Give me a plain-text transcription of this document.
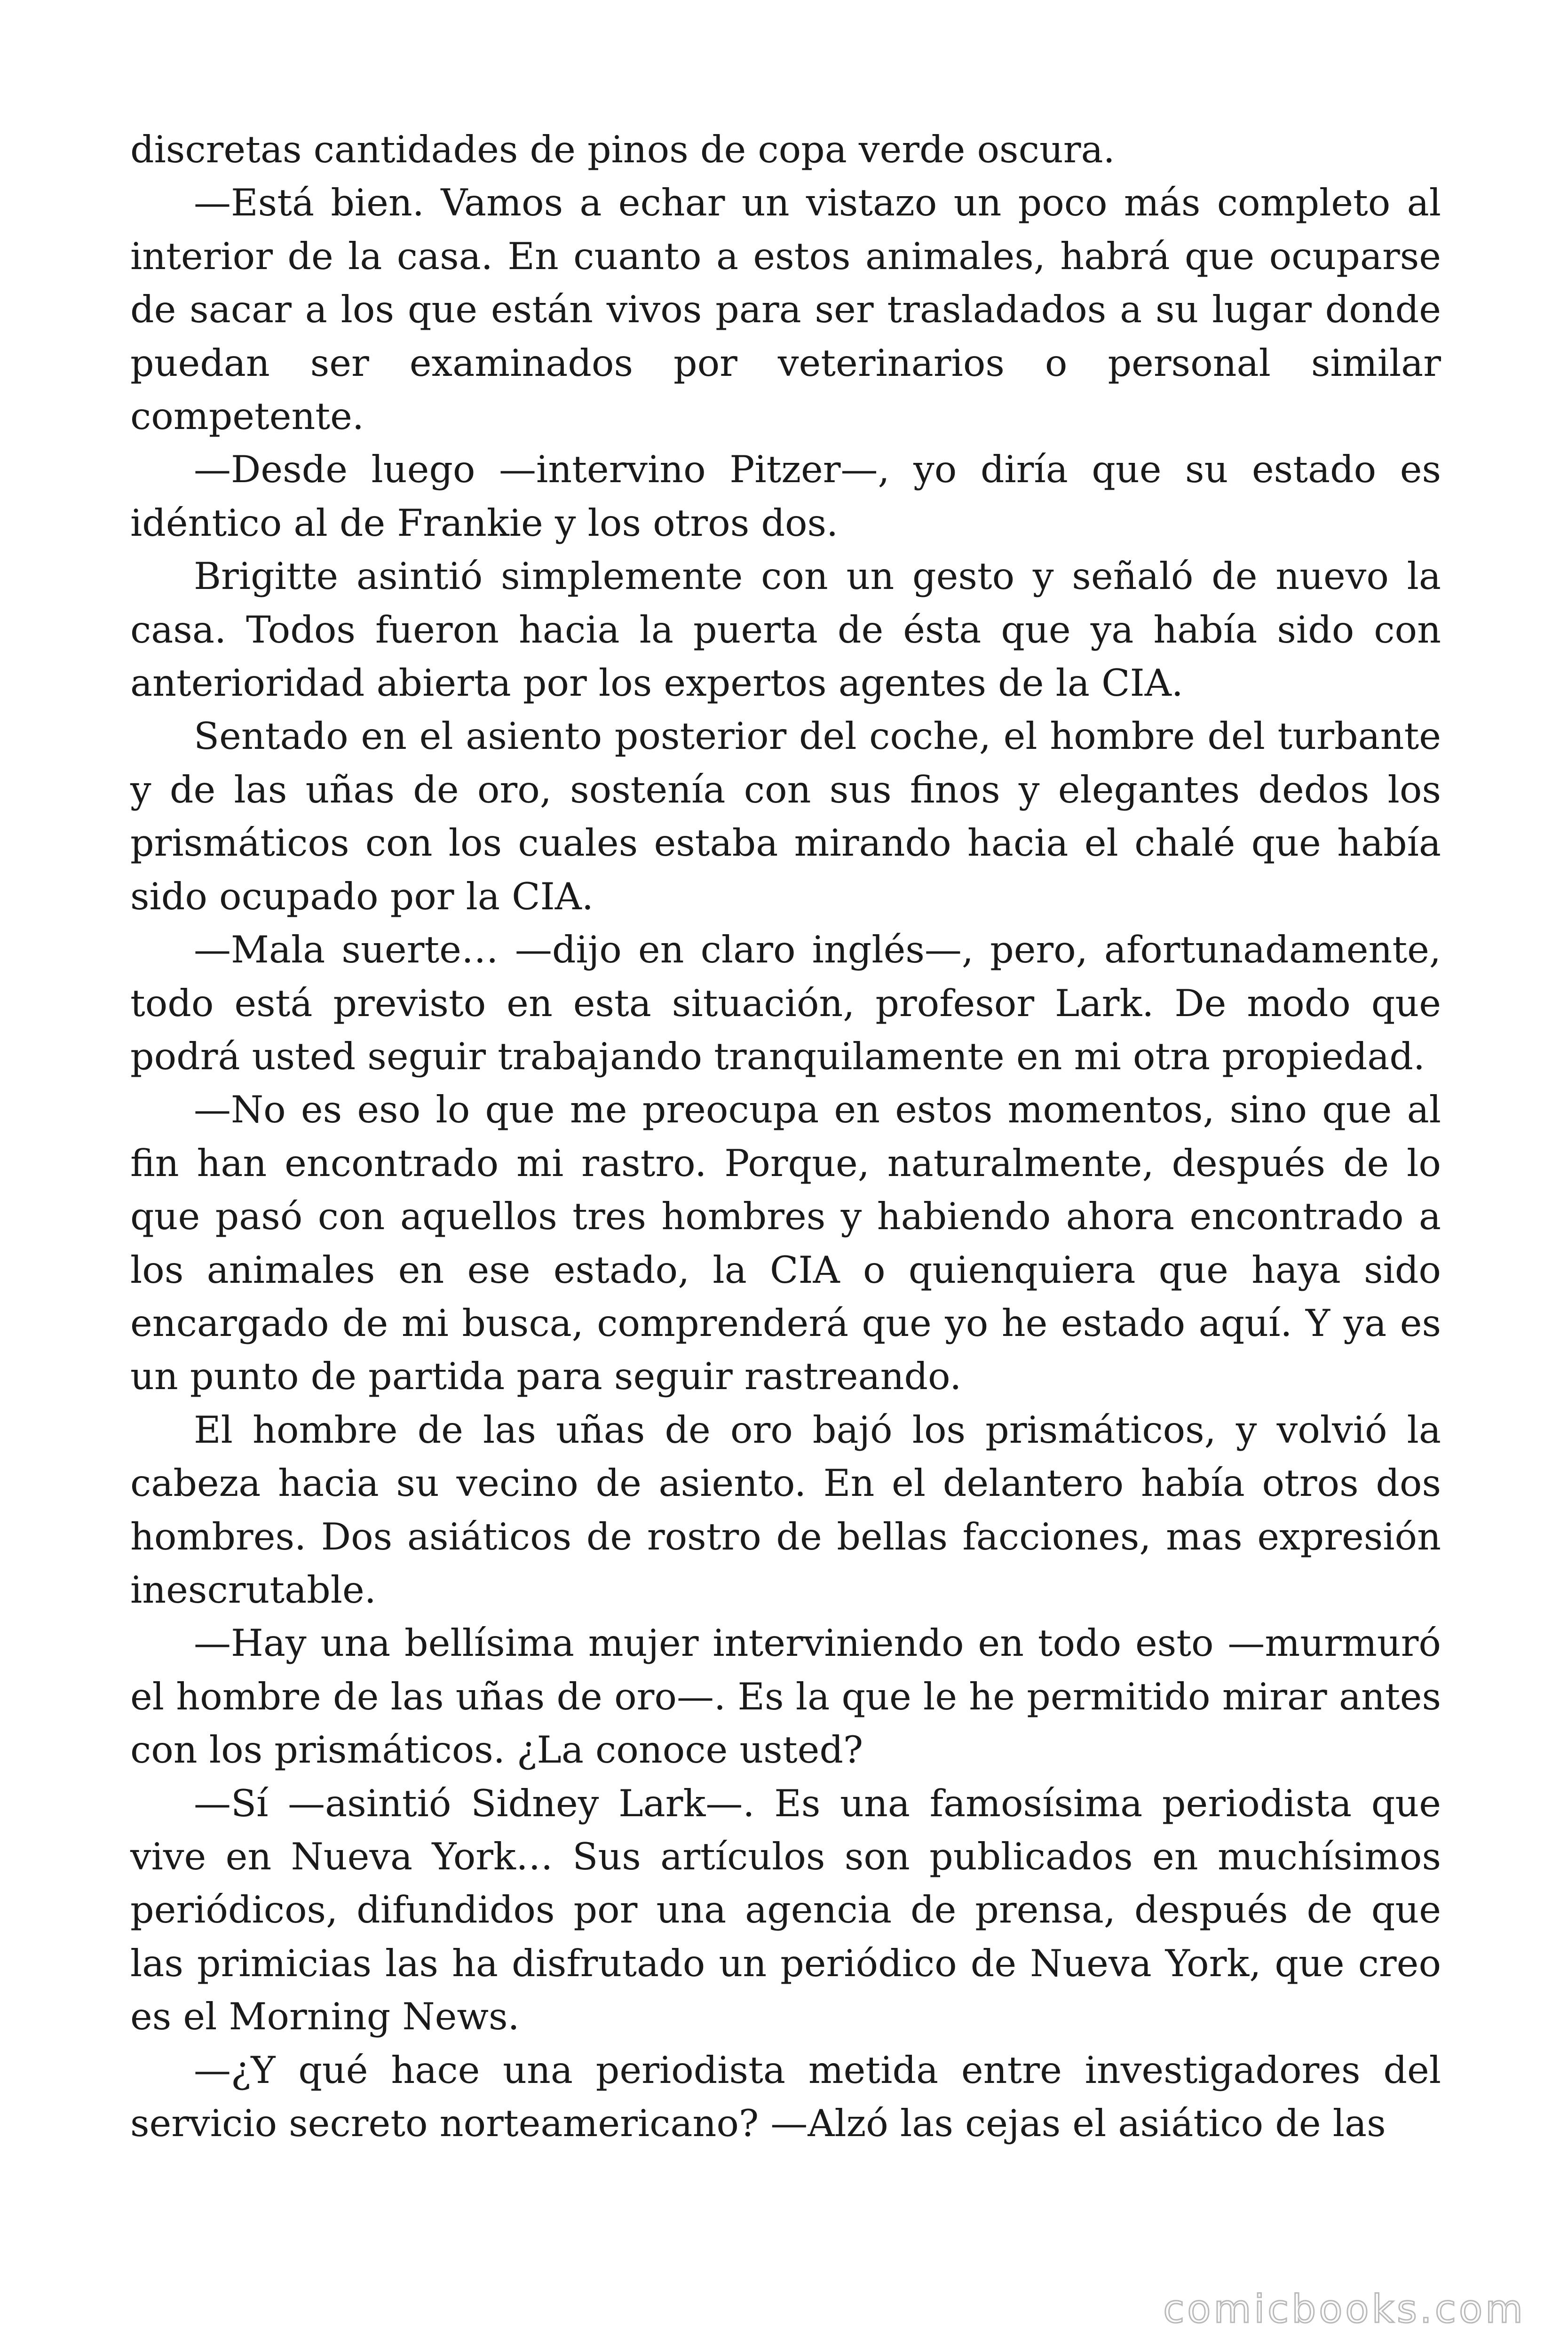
discretas cantidades de pinos de copa verde oscura.

—Está bien. Vamos a echar un vistazo un poco más completo al interior de la casa. En cuanto a estos animales, habrá que ocuparse de sacar a los que están vivos para ser trasladados a su lugar donde puedan ser examinados por veterinarios o personal similar competente.

—Desde luego —intervino Pitzer—, yo diría que su estado es idéntico al de Frankie y los otros dos.

Brigitte asintió simplemente con un gesto y señaló de nuevo la casa. Todos fueron hacia la puerta de ésta que ya había sido con anterioridad abierta por los expertos agentes de la CIA.

Sentado en el asiento posterior del coche, el hombre del turbante y de las uñas de oro, sostenía con sus finos y elegantes dedos los prismáticos con los cuales estaba mirando hacia el chalé que había sido ocupado por la CIA.

—Mala suerte… —dijo en claro inglés—, pero, afortunadamente, todo está previsto en esta situación, profesor Lark. De modo que podrá usted seguir trabajando tranquilamente en mi otra propiedad.

—No es eso lo que me preocupa en estos momentos, sino que al fin han encontrado mi rastro. Porque, naturalmente, después de lo que pasó con aquellos tres hombres y habiendo ahora encontrado a los animales en ese estado, la CIA o quienquiera que haya sido encargado de mi busca, comprenderá que yo he estado aquí. Y ya es un punto de partida para seguir rastreando.

El hombre de las uñas de oro bajó los prismáticos, y volvió la cabeza hacia su vecino de asiento. En el delantero había otros dos hombres. Dos asiáticos de rostro de bellas facciones, mas expresión inescrutable.

—Hay una bellísima mujer interviniendo en todo esto —murmuró el hombre de las uñas de oro—. Es la que le he permitido mirar antes con los prismáticos. ¿La conoce usted?

—Sí —asintió Sidney Lark—. Es una famosísima periodista que vive en Nueva York… Sus artículos son publicados en muchísimos periódicos, difundidos por una agencia de prensa, después de que las primicias las ha disfrutado un periódico de Nueva York, que creo es el Morning News.

—¿Y qué hace una periodista metida entre investigadores del servicio secreto norteamericano? —Alzó las cejas el asiático de las

comicbooks.com
